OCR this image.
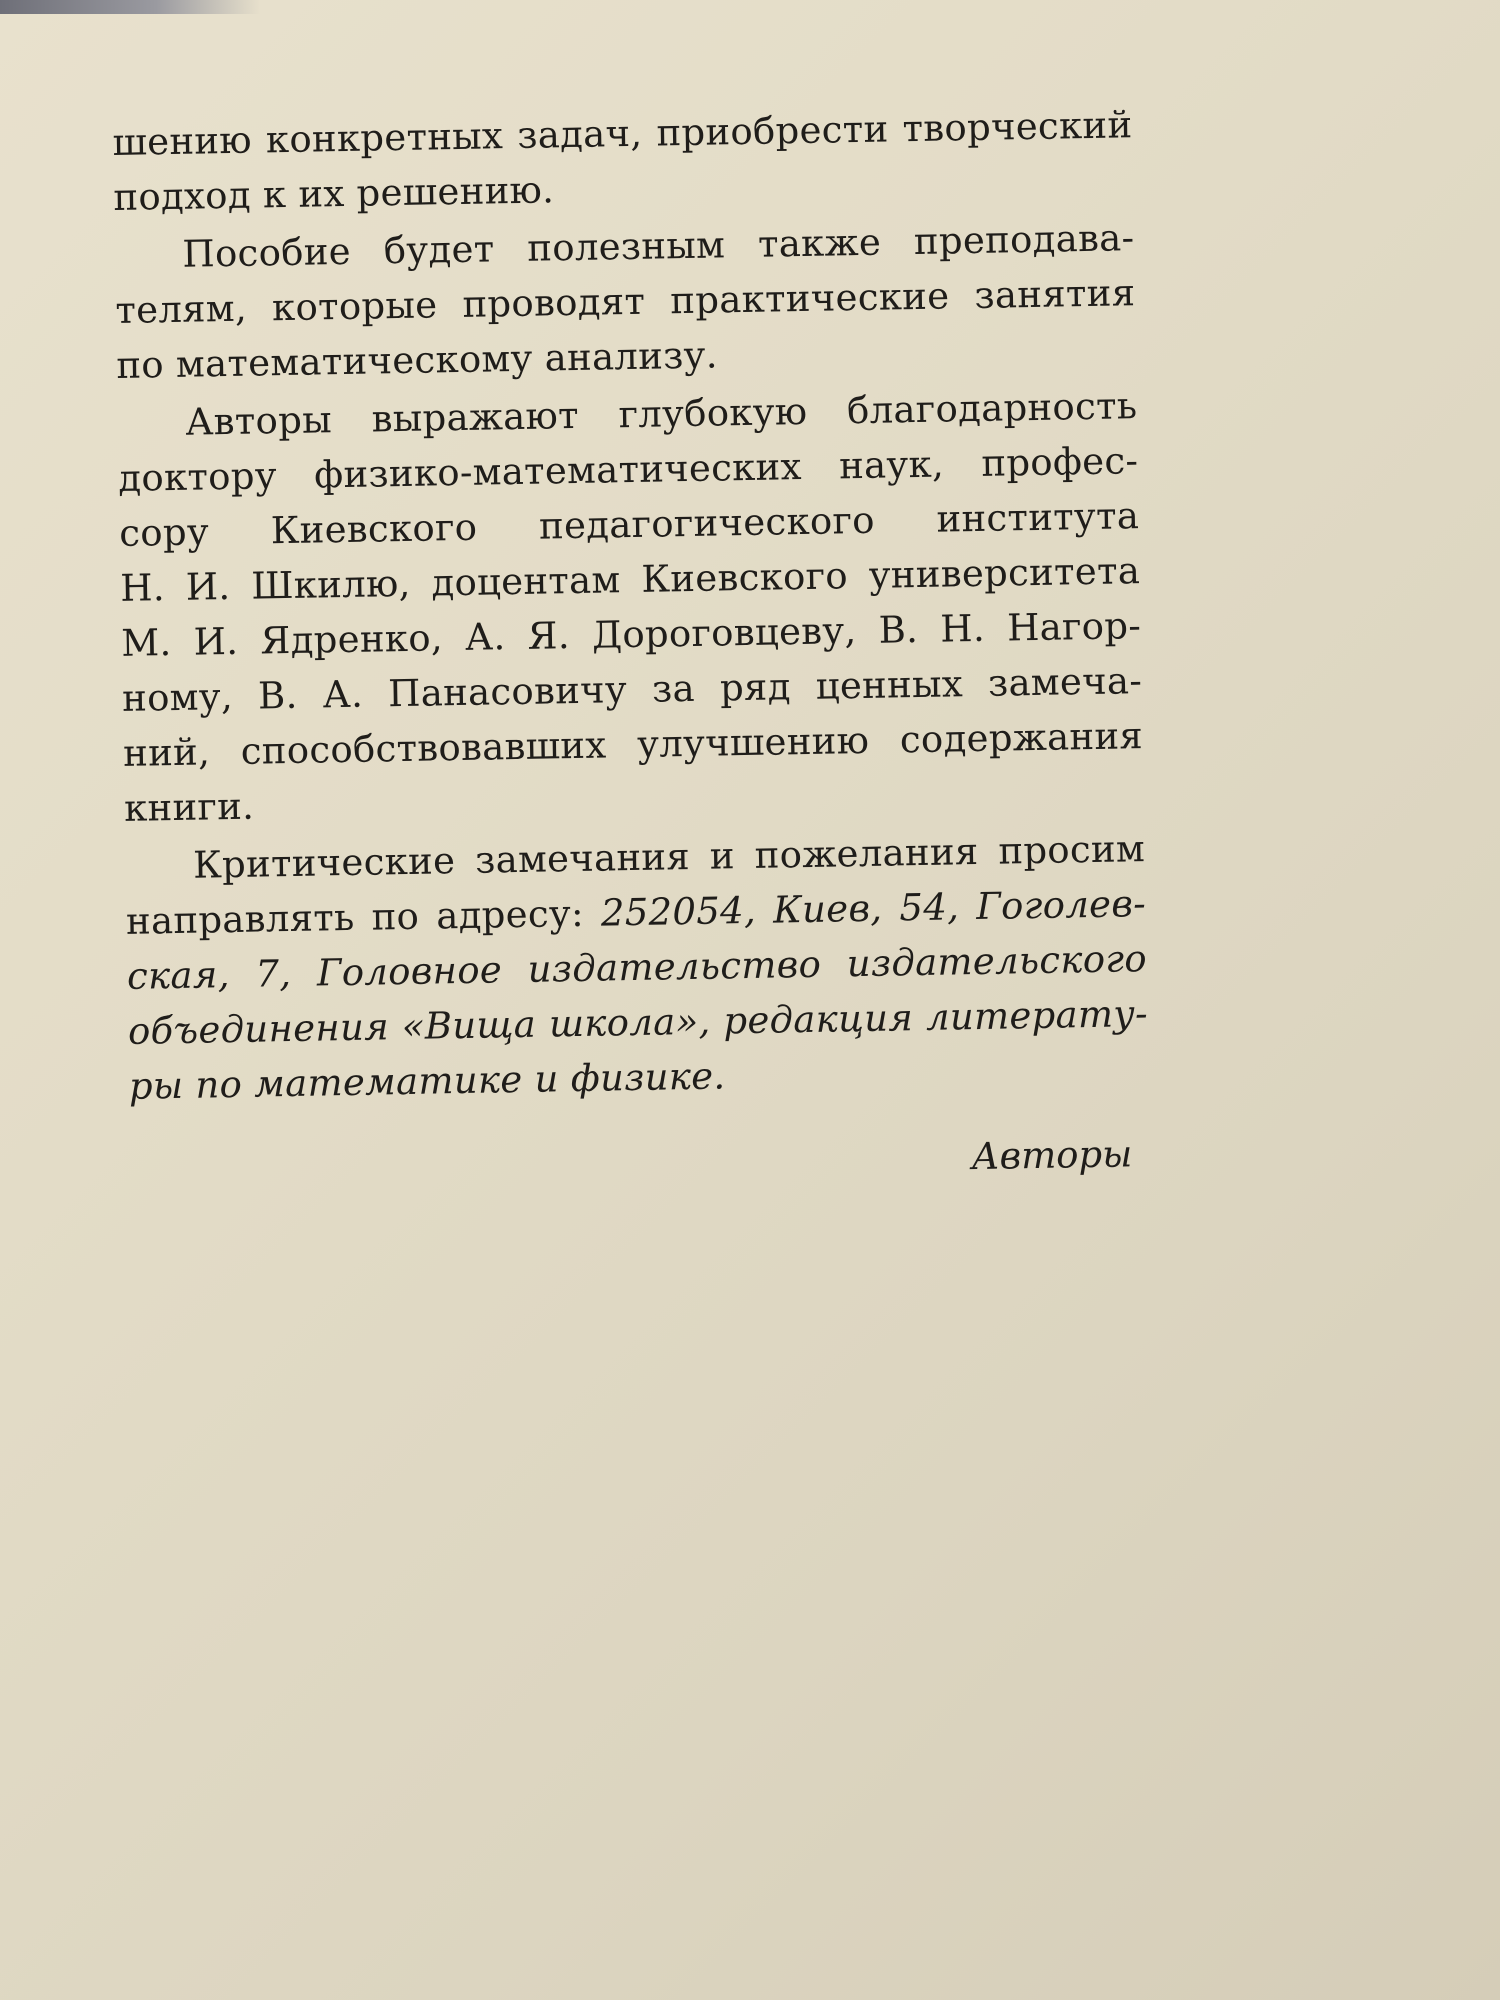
шению конкретных задач, приобрести творческий
подход к их решению.
Пособие будет полезным также преподава-
телям, которые проводят практические занятия
по математическому анализу.
Авторы выражают глубокую благодарность
доктору физико-математических наук, профес-
сору Киевского педагогического института
Н. И. Шкилю, доцентам Киевского университета
М. И. Ядренко, А. Я. Дороговцеву, В. Н. Нагор-
ному, В. А. Панасовичу за ряд ценных замеча-
ний, способствовавших улучшению содержания
книги.
Критические замечания и пожелания просим
направлять по адресу: 252054, Киев, 54, Гоголев-
ская, 7, Головное издательство издательского
объединения «Вища школа», редакция литерату-
ры по математике и физике.
Авторы
